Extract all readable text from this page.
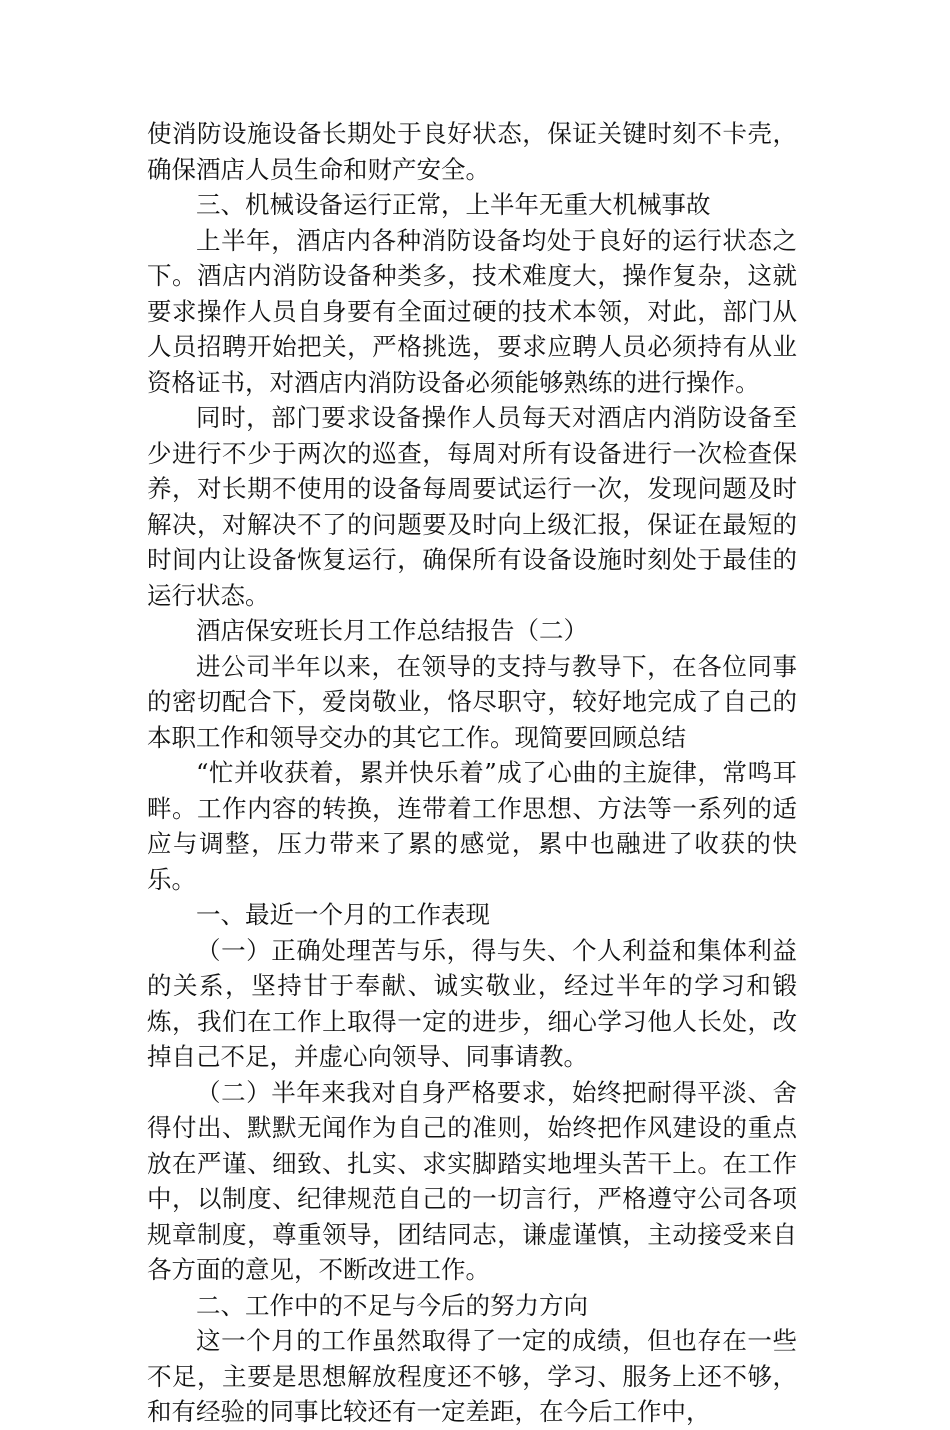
使消防设施设备长期处于良好状态，保证关键时刻不卡壳，确保酒店人员生命和财产安全。

三、机械设备运行正常，上半年无重大机械事故

上半年，酒店内各种消防设备均处于良好的运行状态之下。酒店内消防设备种类多，技术难度大，操作复杂，这就要求操作人员自身要有全面过硬的技术本领，对此，部门从人员招聘开始把关，严格挑选，要求应聘人员必须持有从业资格证书，对酒店内消防设备必须能够熟练的进行操作。

同时，部门要求设备操作人员每天对酒店内消防设备至少进行不少于两次的巡查，每周对所有设备进行一次检查保养，对长期不使用的设备每周要试运行一次，发现问题及时解决，对解决不了的问题要及时向上级汇报，保证在最短的时间内让设备恢复运行，确保所有设备设施时刻处于最佳的运行状态。

酒店保安班长月工作总结报告（二）

进公司半年以来，在领导的支持与教导下，在各位同事的密切配合下，爱岗敬业，恪尽职守，较好地完成了自己的本职工作和领导交办的其它工作。现简要回顾总结

“忙并收获着，累并快乐着”成了心曲的主旋律，常鸣耳畔。工作内容的转换，连带着工作思想、方法等一系列的适应与调整，压力带来了累的感觉，累中也融进了收获的快乐。

一、最近一个月的工作表现

（一）正确处理苦与乐，得与失、个人利益和集体利益的关系，坚持甘于奉献、诚实敬业，经过半年的学习和锻炼，我们在工作上取得一定的进步，细心学习他人长处，改掉自己不足，并虚心向领导、同事请教。

（二）半年来我对自身严格要求，始终把耐得平淡、舍得付出、默默无闻作为自己的准则，始终把作风建设的重点放在严谨、细致、扎实、求实脚踏实地埋头苦干上。在工作中，以制度、纪律规范自己的一切言行，严格遵守公司各项规章制度，尊重领导，团结同志，谦虚谨慎，主动接受来自各方面的意见，不断改进工作。

二、工作中的不足与今后的努力方向

这一个月的工作虽然取得了一定的成绩，但也存在一些不足，主要是思想解放程度还不够，学习、服务上还不够，和有经验的同事比较还有一定差距，在今后工作中，
